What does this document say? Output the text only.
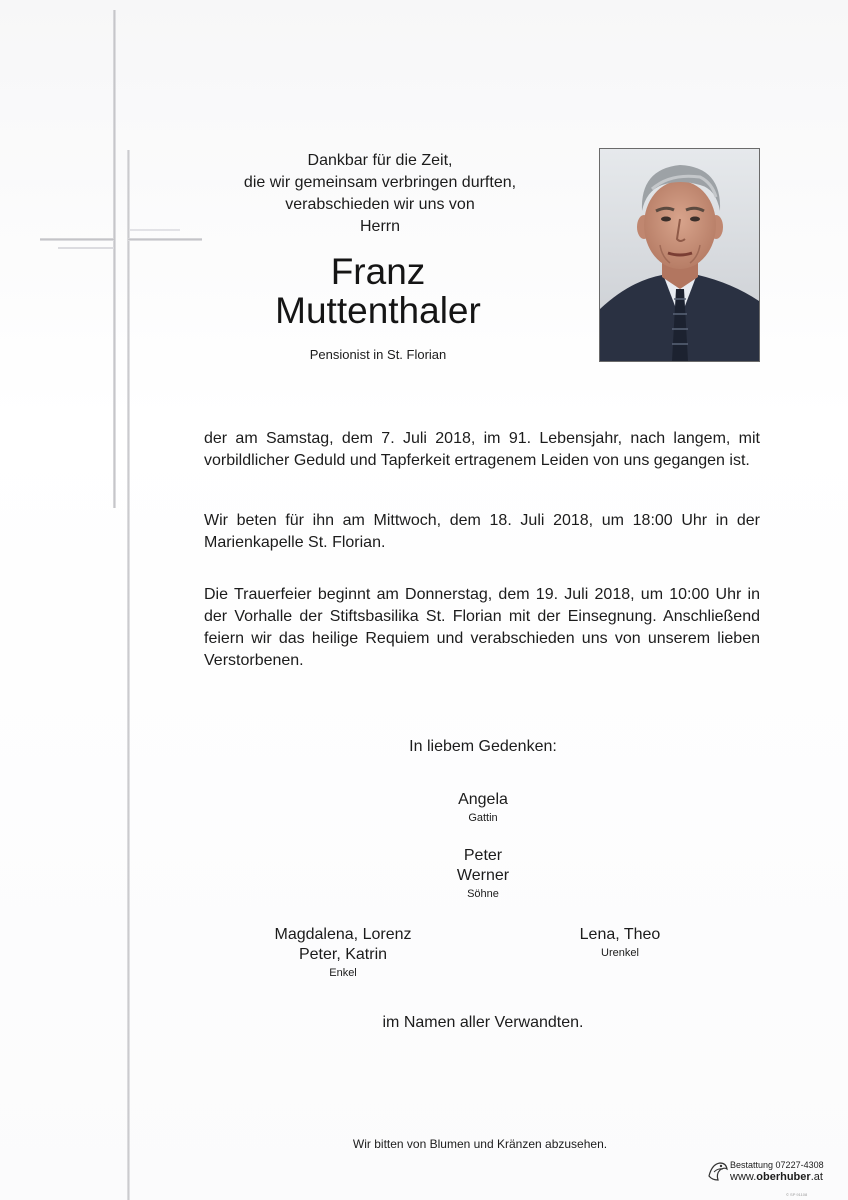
Dankbar für die Zeit,
die wir gemeinsam verbringen durften,
verabschieden wir uns von
Herrn
Franz
Muttenthaler
Pensionist in St. Florian
der am Samstag, dem 7. Juli 2018, im 91. Lebensjahr, nach langem, mit vorbildlicher Geduld und Tapferkeit ertragenem Leiden von uns gegangen ist.
Wir beten für ihn am Mittwoch, dem 18. Juli 2018, um 18:00 Uhr in der Marienkapelle St. Florian.
Die Trauerfeier beginnt am Donnerstag, dem 19. Juli 2018, um 10:00 Uhr in der Vorhalle der Stiftsbasilika St. Florian mit der Einsegnung. Anschließend feiern wir das heilige Requiem und verabschieden uns von unserem lieben Verstorbenen.
In liebem Gedenken:
Angela
Gattin
Peter
Werner
Söhne
Magdalena, Lorenz
Peter, Katrin
Enkel
Lena, Theo
Urenkel
im Namen aller Verwandten.
Wir bitten von Blumen und Kränzen abzusehen.
Bestattung 07227-4308
www.oberhuber.at
© SP 91108
